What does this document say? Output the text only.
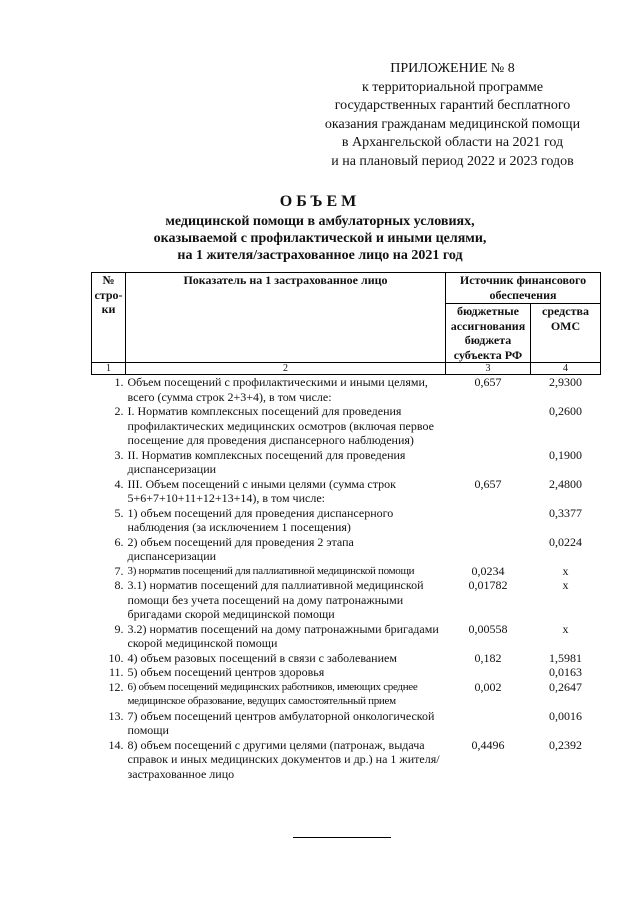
ПРИЛОЖЕНИЕ № 8
к территориальной программе
государственных гарантий бесплатного
оказания гражданам медицинской помощи
в Архангельской области на 2021 год
и на плановый период 2022 и 2023 годов
ОБЪЕМ
медицинской помощи в амбулаторных условиях,
оказываемой с профилактической и иными целями,
на 1 жителя/застрахованное лицо на 2021 год
№ стро-ки	Показатель на 1 застрахованное лицо	Источник финансового обеспечения	
		бюджетные ассигнования бюджета субъекта РФ	средства ОМС
1	2	3	4
1.	Объем посещений с профилактическими и иными целями, всего (сумма строк 2+3+4), в том числе:	0,657	2,9300
2.	I. Норматив комплексных посещений для проведения профилактических медицинских осмотров (включая первое посещение для проведения диспансерного наблюдения)		0,2600
3.	II. Норматив комплексных посещений для проведения диспансеризации		0,1900
4.	III. Объем посещений с иными целями (сумма строк 5+6+7+10+11+12+13+14), в том числе:	0,657	2,4800
5.	1) объем посещений для проведения диспансерного наблюдения (за исключением 1 посещения)		0,3377
6.	2) объем посещений для проведения 2 этапа диспансеризации		0,0224
7.	3) норматив посещений для паллиативной медицинской помощи	0,0234	х
8.	3.1) норматив посещений для паллиативной медицинской помощи без учета посещений на дому патронажными бригадами скорой медицинской помощи	0,01782	х
9.	3.2) норматив посещений на дому патронажными бригадами скорой медицинской помощи	0,00558	х
10.	4) объем разовых посещений в связи с заболеванием	0,182	1,5981
11.	5) объем посещений центров здоровья		0,0163
12.	6) объем посещений медицинских работников, имеющих среднее медицинское образование, ведущих самостоятельный прием	0,002	0,2647
13.	7) объем посещений центров амбулаторной онкологической помощи		0,0016
14.	8) объем посещений с другими целями (патронаж, выдача справок и иных медицинских документов и др.) на 1 жителя/застрахованное лицо	0,4496	0,2392
